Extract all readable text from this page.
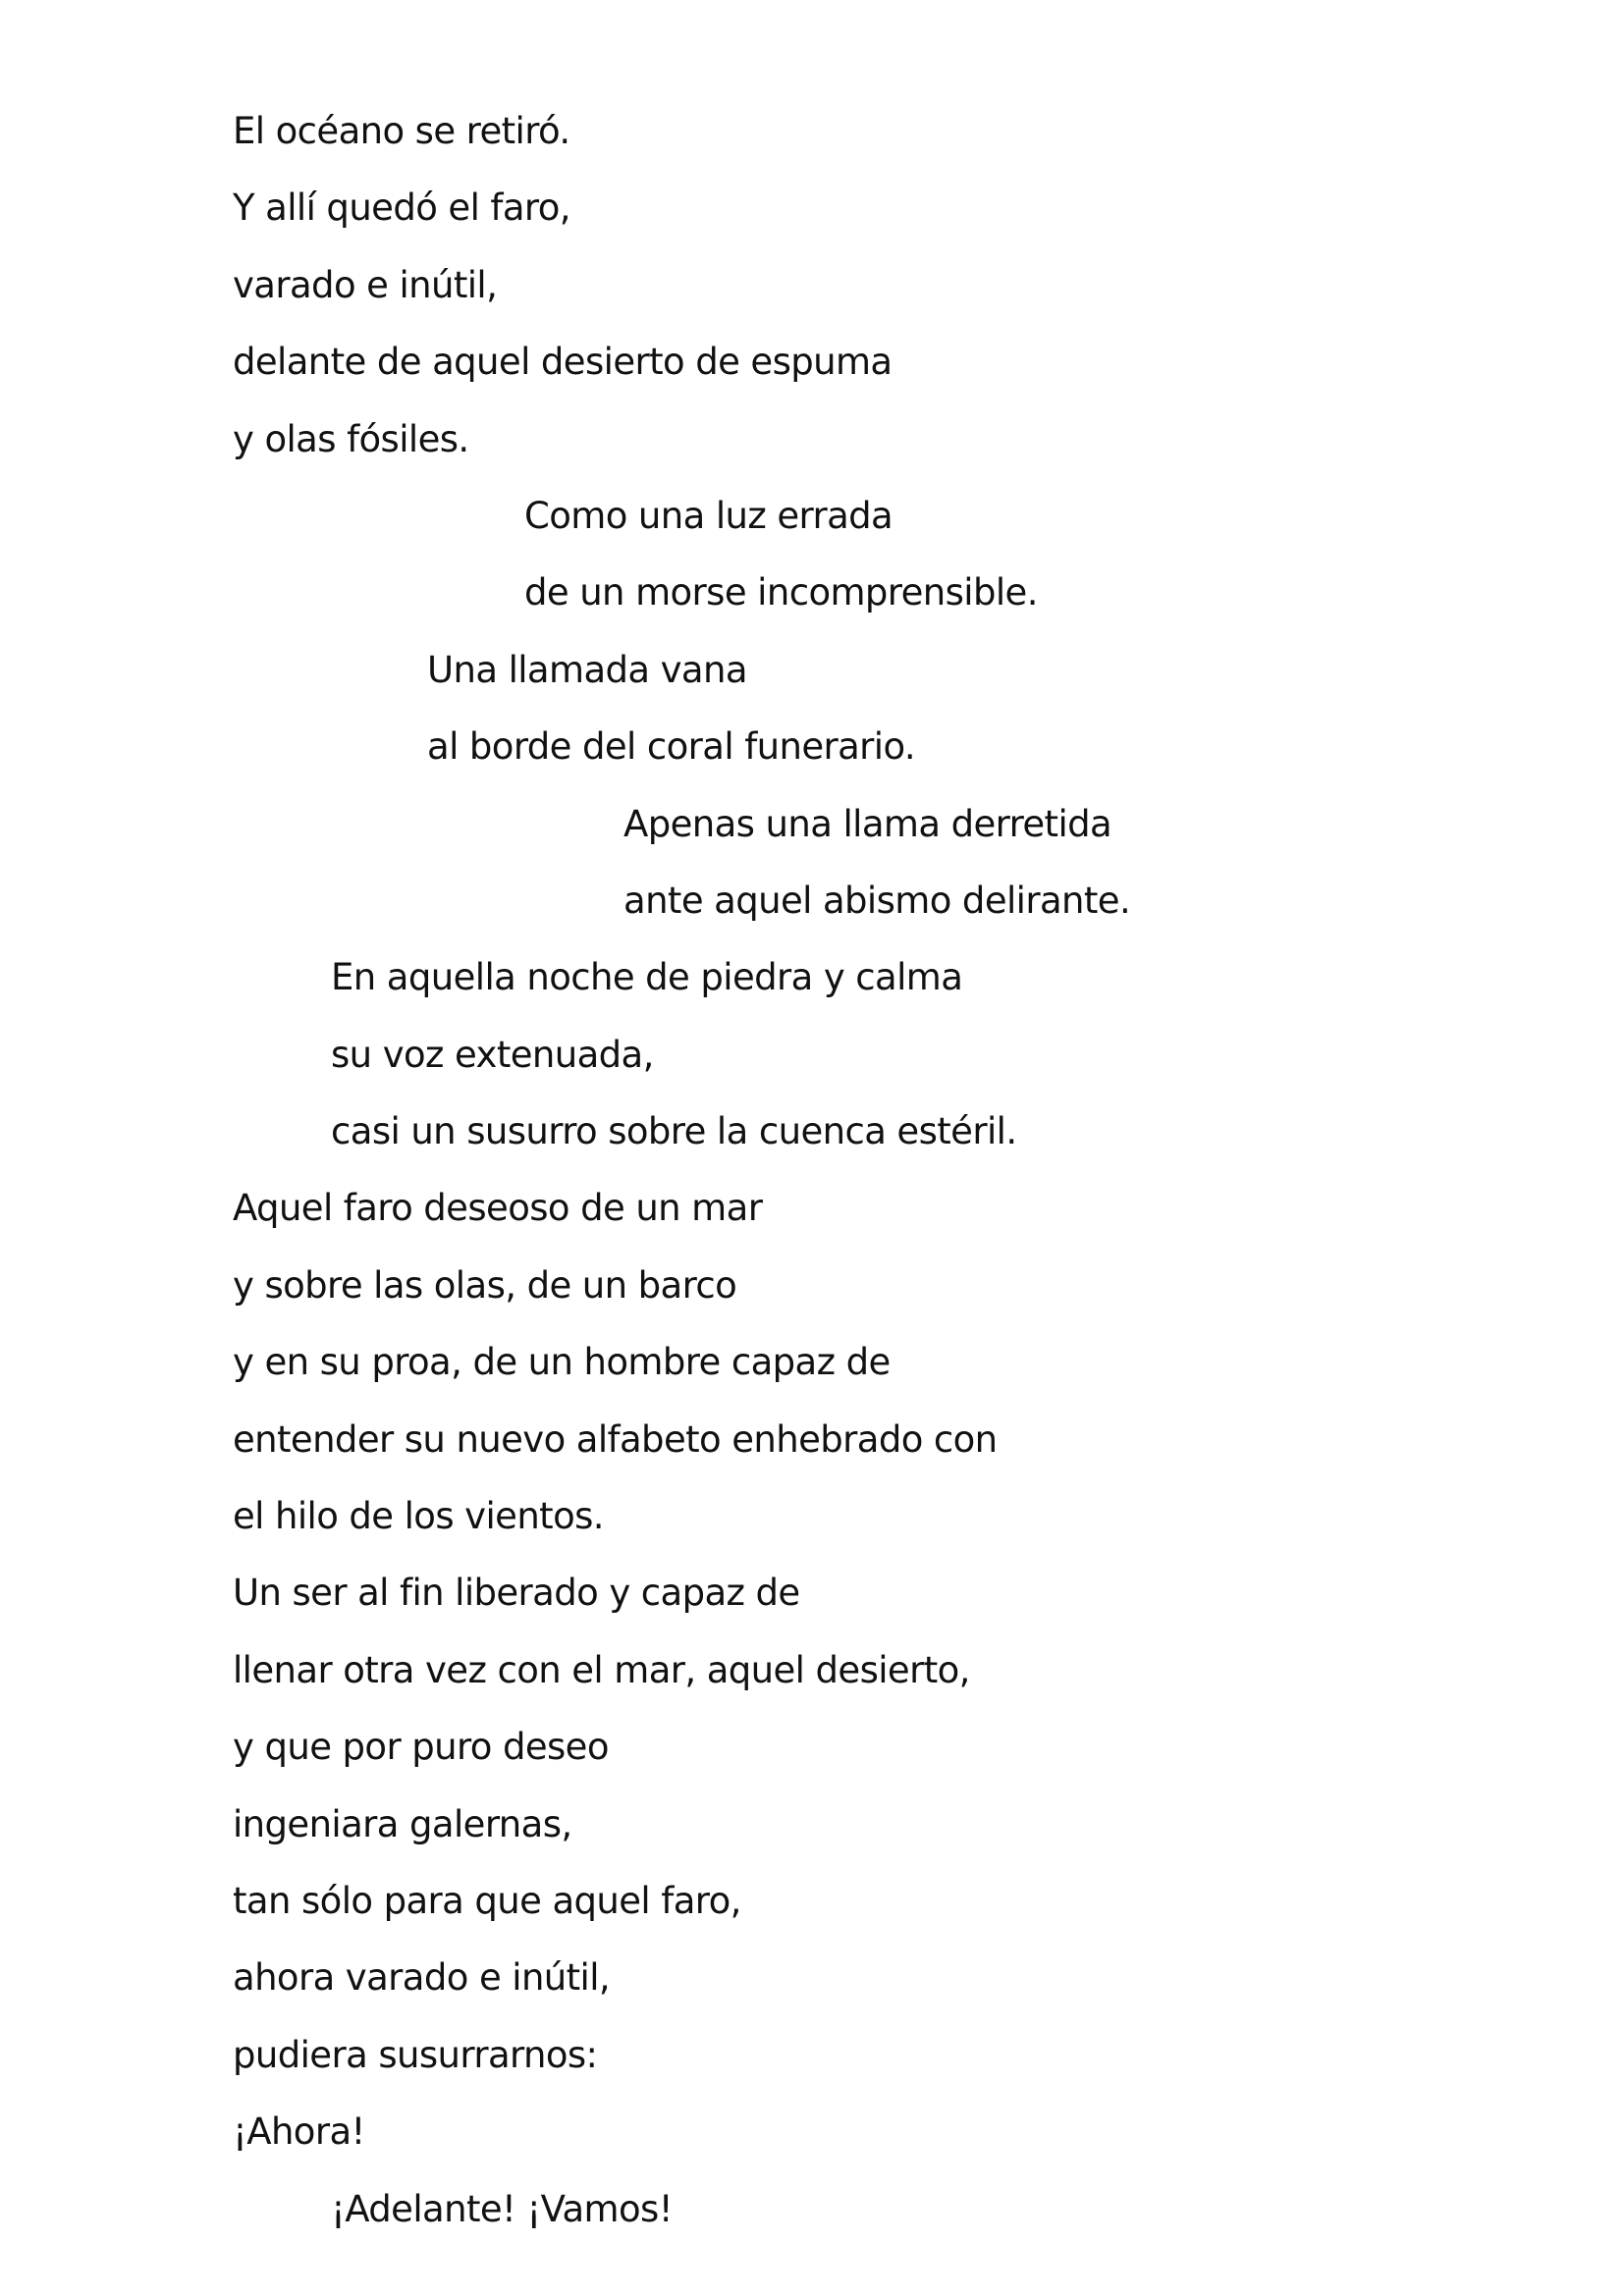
El océano se retiró.
Y allí quedó el faro,
varado e inútil,
delante de aquel desierto de espuma
y olas fósiles.
Como una luz errada
de un morse incomprensible.
Una llamada vana
al borde del coral funerario.
Apenas una llama derretida
ante aquel abismo delirante.
En aquella noche de piedra y calma
su voz extenuada,
casi un susurro sobre la cuenca estéril.
Aquel faro deseoso de un mar
y sobre las olas, de un barco
y en su proa, de un hombre capaz de
entender su nuevo alfabeto enhebrado con
el hilo de los vientos.
Un ser al fin liberado y capaz de
llenar otra vez con el mar, aquel desierto,
y que por puro deseo
ingeniara galernas,
tan sólo para que aquel faro,
ahora varado e inútil,
pudiera susurrarnos:
¡Ahora!
¡Adelante! ¡Vamos!
